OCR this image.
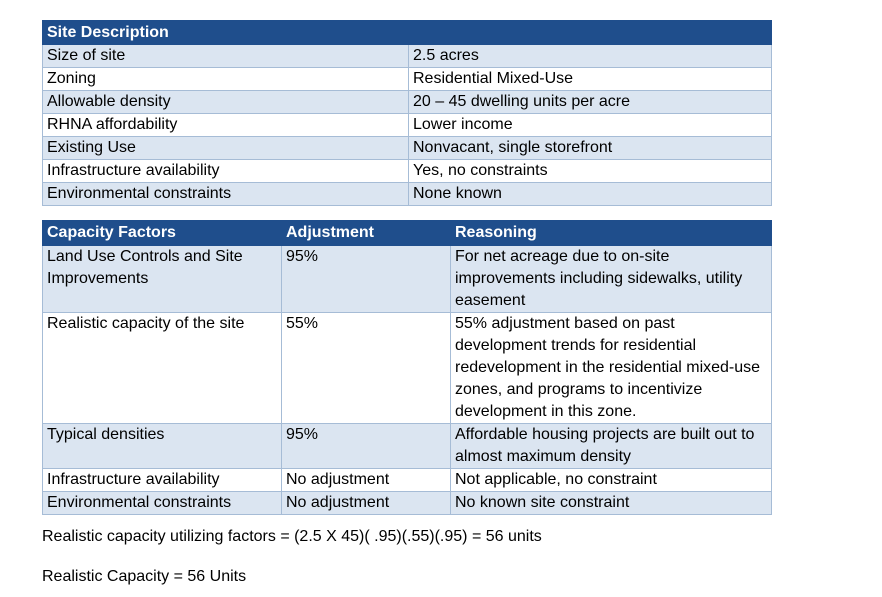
Site Description	
Size of site	2.5 acres
Zoning	Residential Mixed-Use
Allowable density	20 – 45 dwelling units per acre
RHNA affordability	Lower income
Existing Use	Nonvacant, single storefront
Infrastructure availability	Yes, no constraints
Environmental constraints	None known
Capacity Factors	Adjustment	Reasoning
Land Use Controls and Site Improvements	95%	For net acreage due to on-site improvements including sidewalks, utility easement
Realistic capacity of the site	55%	55% adjustment based on past development trends for residential redevelopment in the residential mixed-use zones, and programs to incentivize development in this zone.
Typical densities	95%	Affordable housing projects are built out to almost maximum density
Infrastructure availability	No adjustment	Not applicable, no constraint
Environmental constraints	No adjustment	No known site constraint

Realistic capacity utilizing factors = (2.5 X 45)( .95)(.55)(.95) = 56 units

Realistic Capacity = 56 Units
